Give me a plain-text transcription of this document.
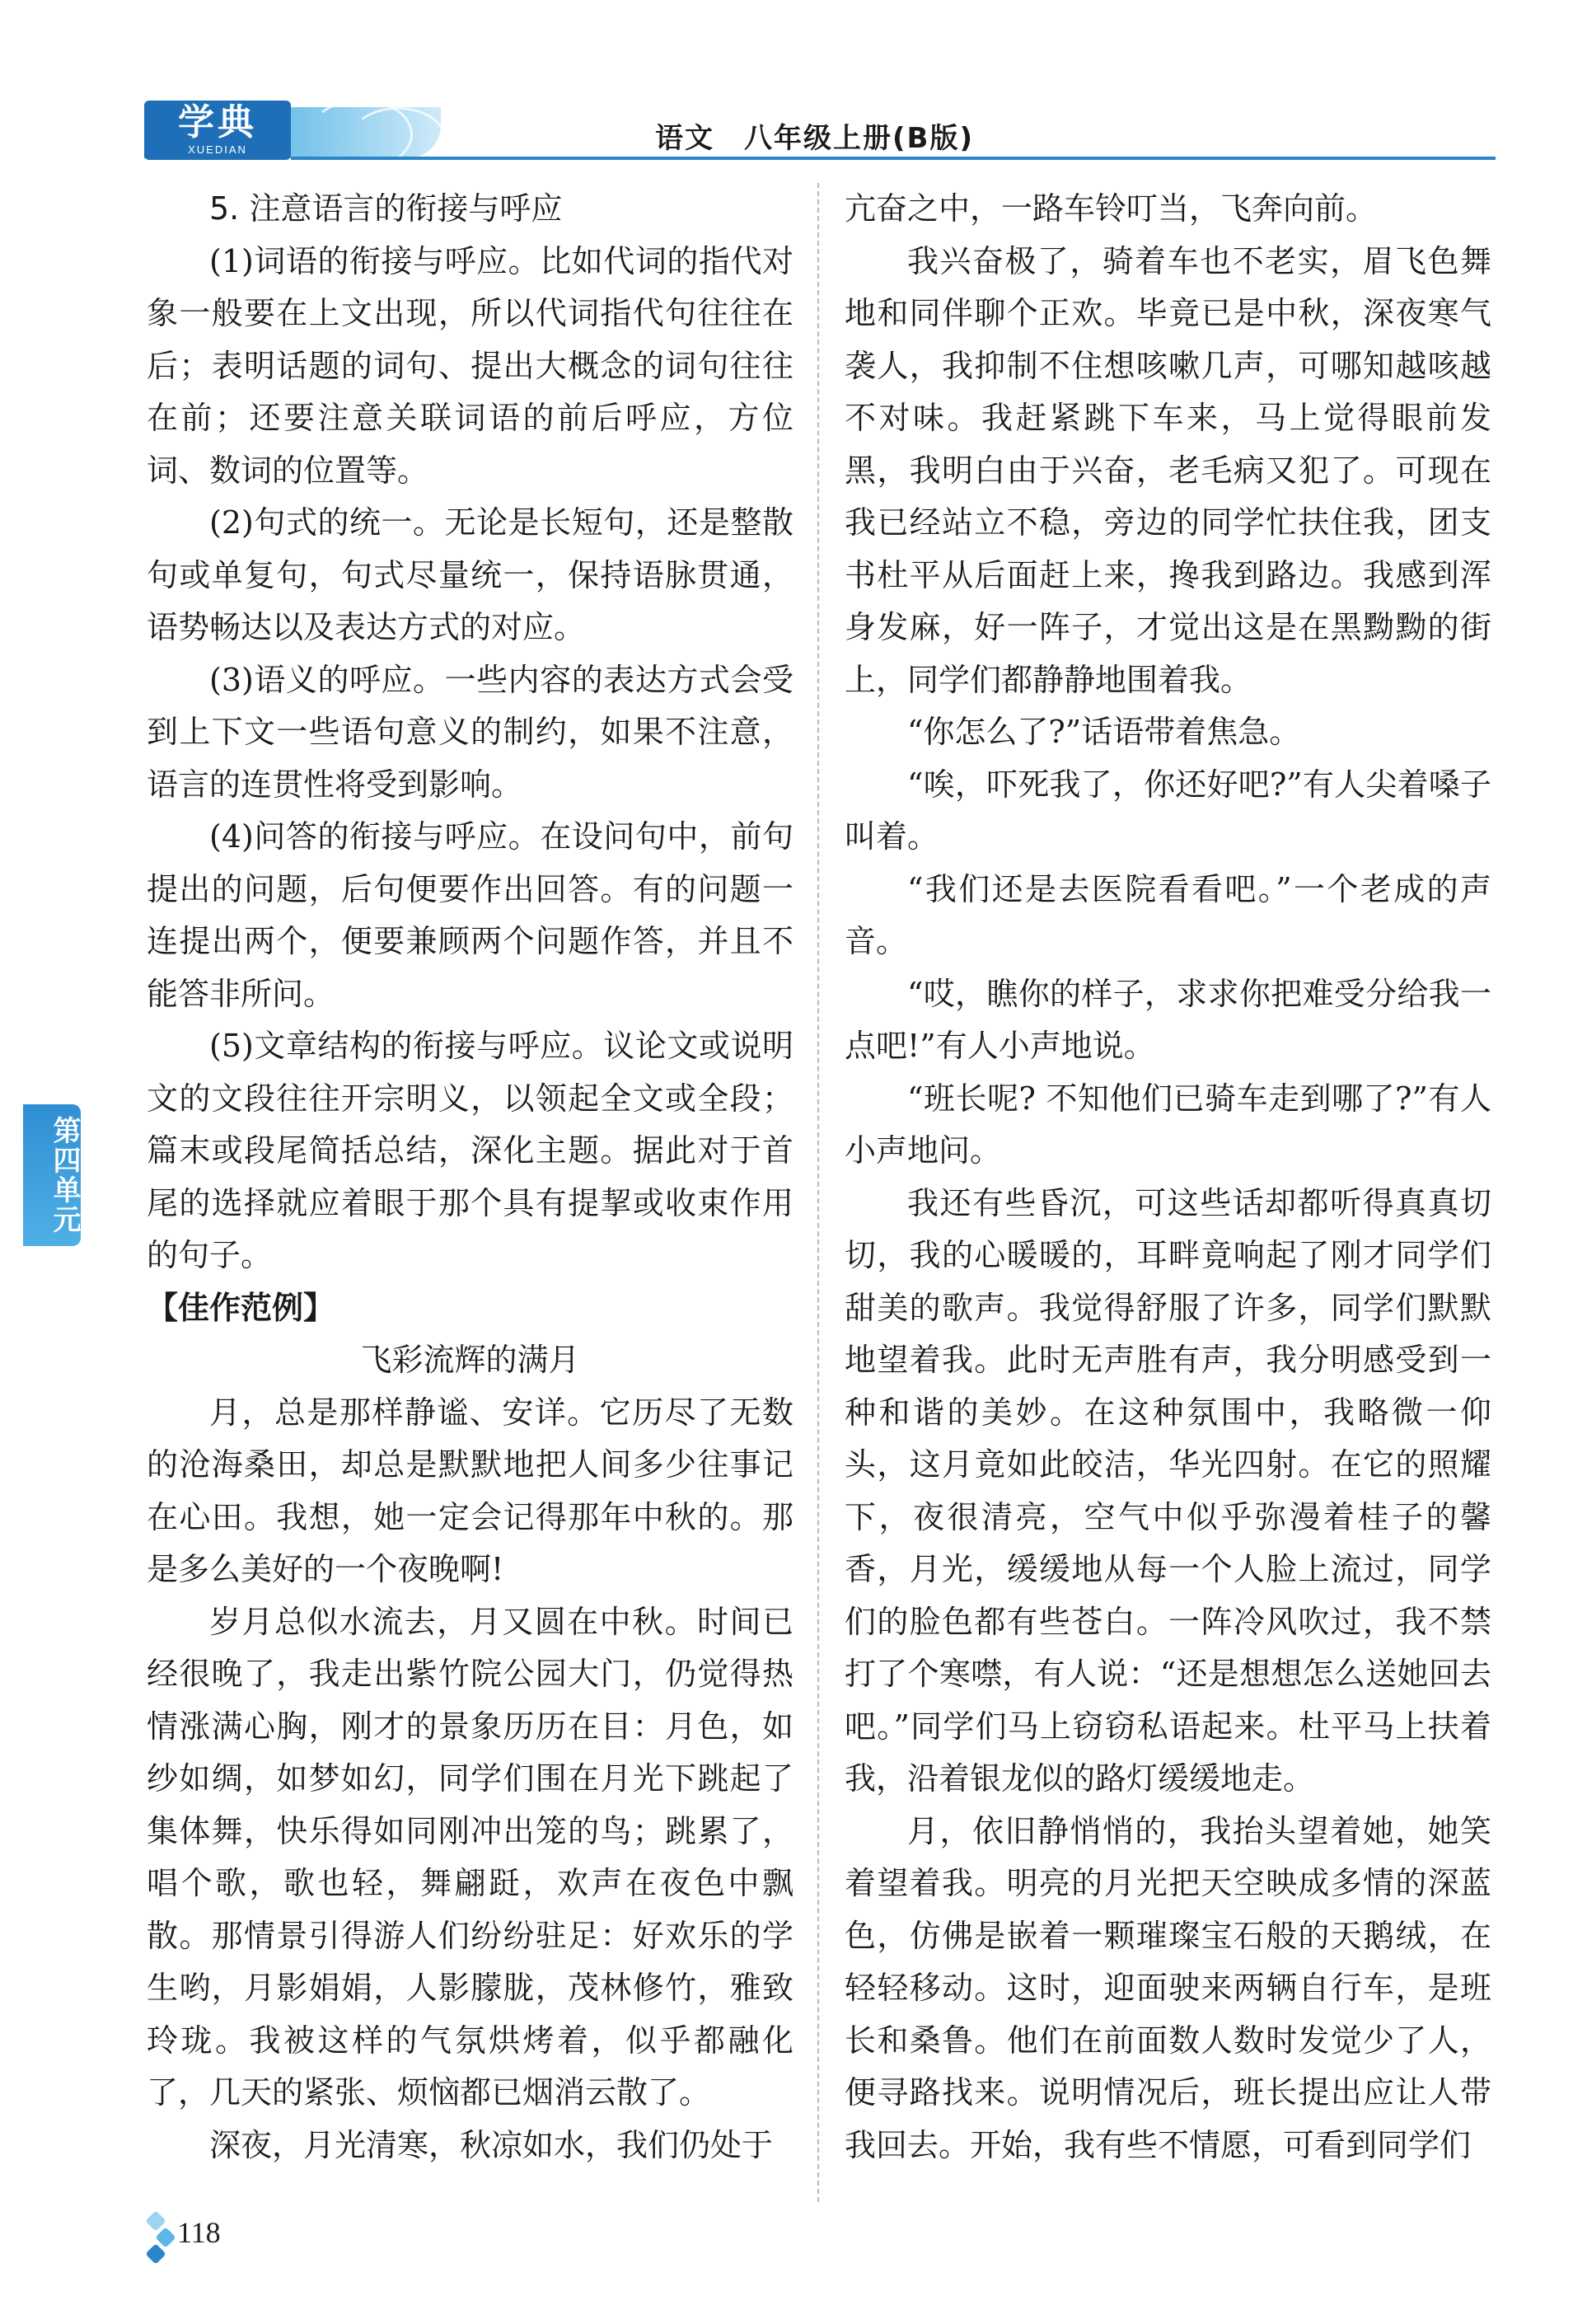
学典
XUEDIAN	语文　八年级上册(B版)

5. 注意语言的衔接与呼应

(1)词语的衔接与呼应。比如代词的指代对象一般要在上文出现，所以代词指代句往往在后；表明话题的词句、提出大概念的词句往往在前；还要注意关联词语的前后呼应，方位词、数词的位置等。

(2)句式的统一。无论是长短句，还是整散句或单复句，句式尽量统一，保持语脉贯通，语势畅达以及表达方式的对应。

(3)语义的呼应。一些内容的表达方式会受到上下文一些语句意义的制约，如果不注意，语言的连贯性将受到影响。

(4)问答的衔接与呼应。在设问句中，前句提出的问题，后句便要作出回答。有的问题一连提出两个，便要兼顾两个问题作答，并且不能答非所问。

(5)文章结构的衔接与呼应。议论文或说明文的文段往往开宗明义，以领起全文或全段；篇末或段尾简括总结，深化主题。据此对于首尾的选择就应着眼于那个具有提挈或收束作用的句子。

【佳作范例】

飞彩流辉的满月

月，总是那样静谧、安详。它历尽了无数的沧海桑田，却总是默默地把人间多少往事记在心田。我想，她一定会记得那年中秋的。那是多么美好的一个夜晚啊!

岁月总似水流去，月又圆在中秋。时间已经很晚了，我走出紫竹院公园大门，仍觉得热情涨满心胸，刚才的景象历历在目：月色，如纱如绸，如梦如幻，同学们围在月光下跳起了集体舞，快乐得如同刚冲出笼的鸟；跳累了，唱个歌，歌也轻，舞翩跹，欢声在夜色中飘散。那情景引得游人们纷纷驻足：好欢乐的学生哟，月影娟娟，人影朦胧，茂林修竹，雅致玲珑。我被这样的气氛烘烤着，似乎都融化了，几天的紧张、烦恼都已烟消云散了。

深夜，月光清寒，秋凉如水，我们仍处于

亢奋之中，一路车铃叮当，飞奔向前。

我兴奋极了，骑着车也不老实，眉飞色舞地和同伴聊个正欢。毕竟已是中秋，深夜寒气袭人，我抑制不住想咳嗽几声，可哪知越咳越不对味。我赶紧跳下车来，马上觉得眼前发黑，我明白由于兴奋，老毛病又犯了。可现在我已经站立不稳，旁边的同学忙扶住我，团支书杜平从后面赶上来，搀我到路边。我感到浑身发麻，好一阵子，才觉出这是在黑黝黝的街上，同学们都静静地围着我。

“你怎么了?”话语带着焦急。

“唉，吓死我了，你还好吧?”有人尖着嗓子叫着。

“我们还是去医院看看吧。”一个老成的声音。

“哎，瞧你的样子，求求你把难受分给我一点吧!”有人小声地说。

“班长呢? 不知他们已骑车走到哪了?”有人小声地问。

我还有些昏沉，可这些话却都听得真真切切，我的心暖暖的，耳畔竟响起了刚才同学们甜美的歌声。我觉得舒服了许多，同学们默默地望着我。此时无声胜有声，我分明感受到一种和谐的美妙。在这种氛围中，我略微一仰头，这月竟如此皎洁，华光四射。在它的照耀下，夜很清亮，空气中似乎弥漫着桂子的馨香，月光，缓缓地从每一个人脸上流过，同学们的脸色都有些苍白。一阵冷风吹过，我不禁打了个寒噤，有人说：“还是想想怎么送她回去吧。”同学们马上窃窃私语起来。杜平马上扶着我，沿着银龙似的路灯缓缓地走。

月，依旧静悄悄的，我抬头望着她，她笑着望着我。明亮的月光把天空映成多情的深蓝色，仿佛是嵌着一颗璀璨宝石般的天鹅绒，在轻轻移动。这时，迎面驶来两辆自行车，是班长和桑鲁。他们在前面数人数时发觉少了人，便寻路找来。说明情况后，班长提出应让人带我回去。开始，我有些不情愿，可看到同学们

第四单元
118
